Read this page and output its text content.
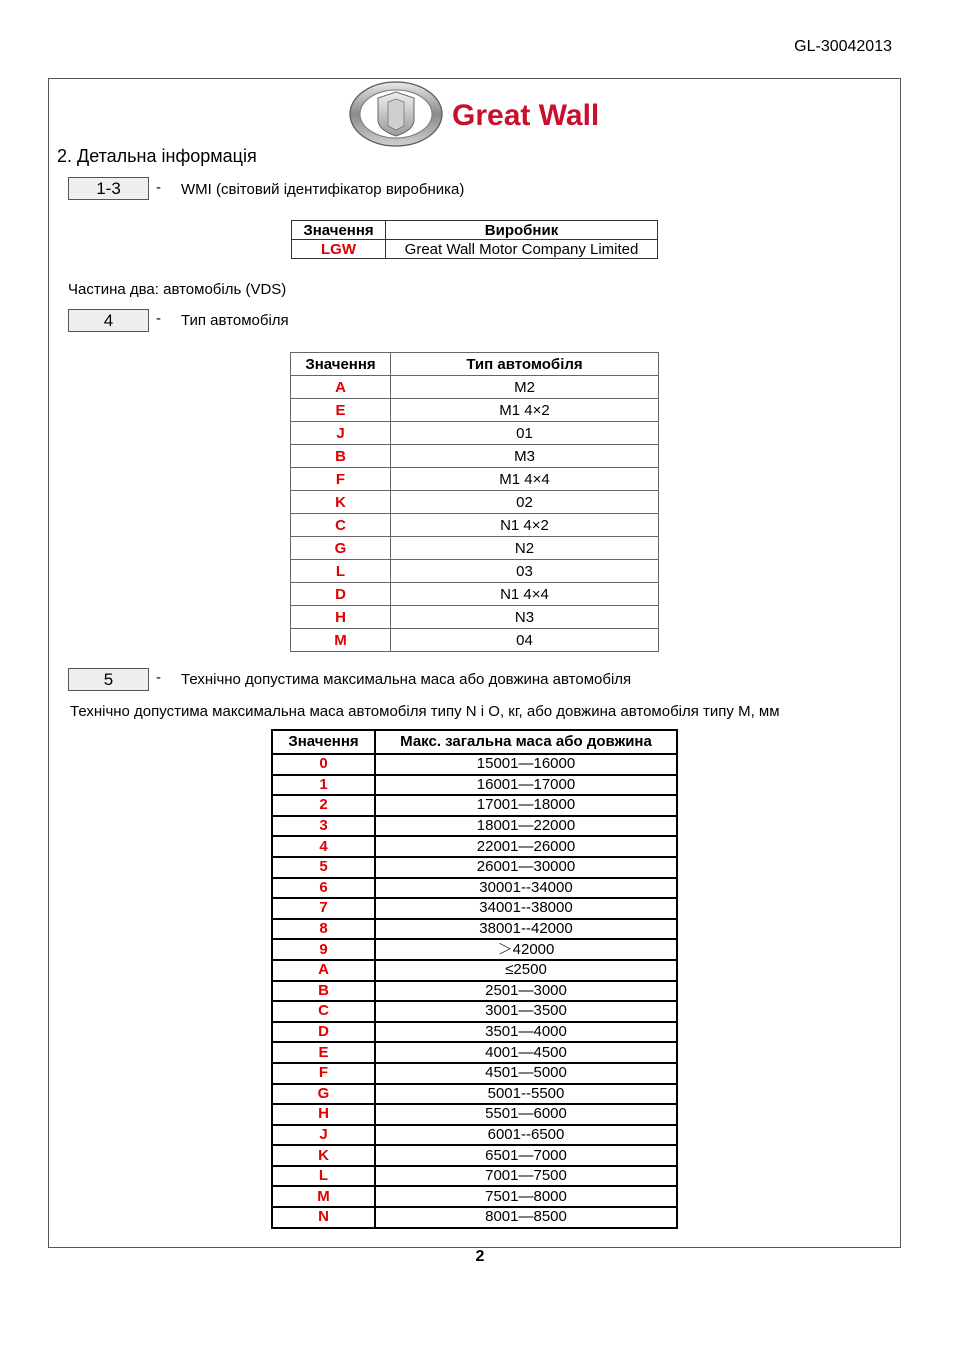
GL-30042013
Great Wall
2. Детальна інформація
1-3	- WMI (світовий ідентифікатор виробника)
Значення	Виробник
LGW	Great Wall Motor Company Limited
Частина два: автомобіль (VDS)
4	- Тип автомобіля
Значення	Тип автомобіля
A	M2
E	M1 4×2
J	01
B	M3
F	M1 4×4
K	02
C	N1 4×2
G	N2
L	03
D	N1 4×4
H	N3
M	04
5	- Технічно допустима максимальна маса або довжина автомобіля
Технічно допустима максимальна маса автомобіля типу N і O, кг, або довжина автомобіля типу M, мм
Значення	Макс. загальна маса або довжина
0	15001—16000
1	16001—17000
2	17001—18000
3	18001—22000
4	22001—26000
5	26001—30000
6	30001--34000
7	34001--38000
8	38001--42000
9	＞42000
A	≤2500
B	2501—3000
C	3001—3500
D	3501—4000
E	4001—4500
F	4501—5000
G	5001--5500
H	5501—6000
J	6001--6500
K	6501—7000
L	7001—7500
M	7501—8000
N	8001—8500
2
